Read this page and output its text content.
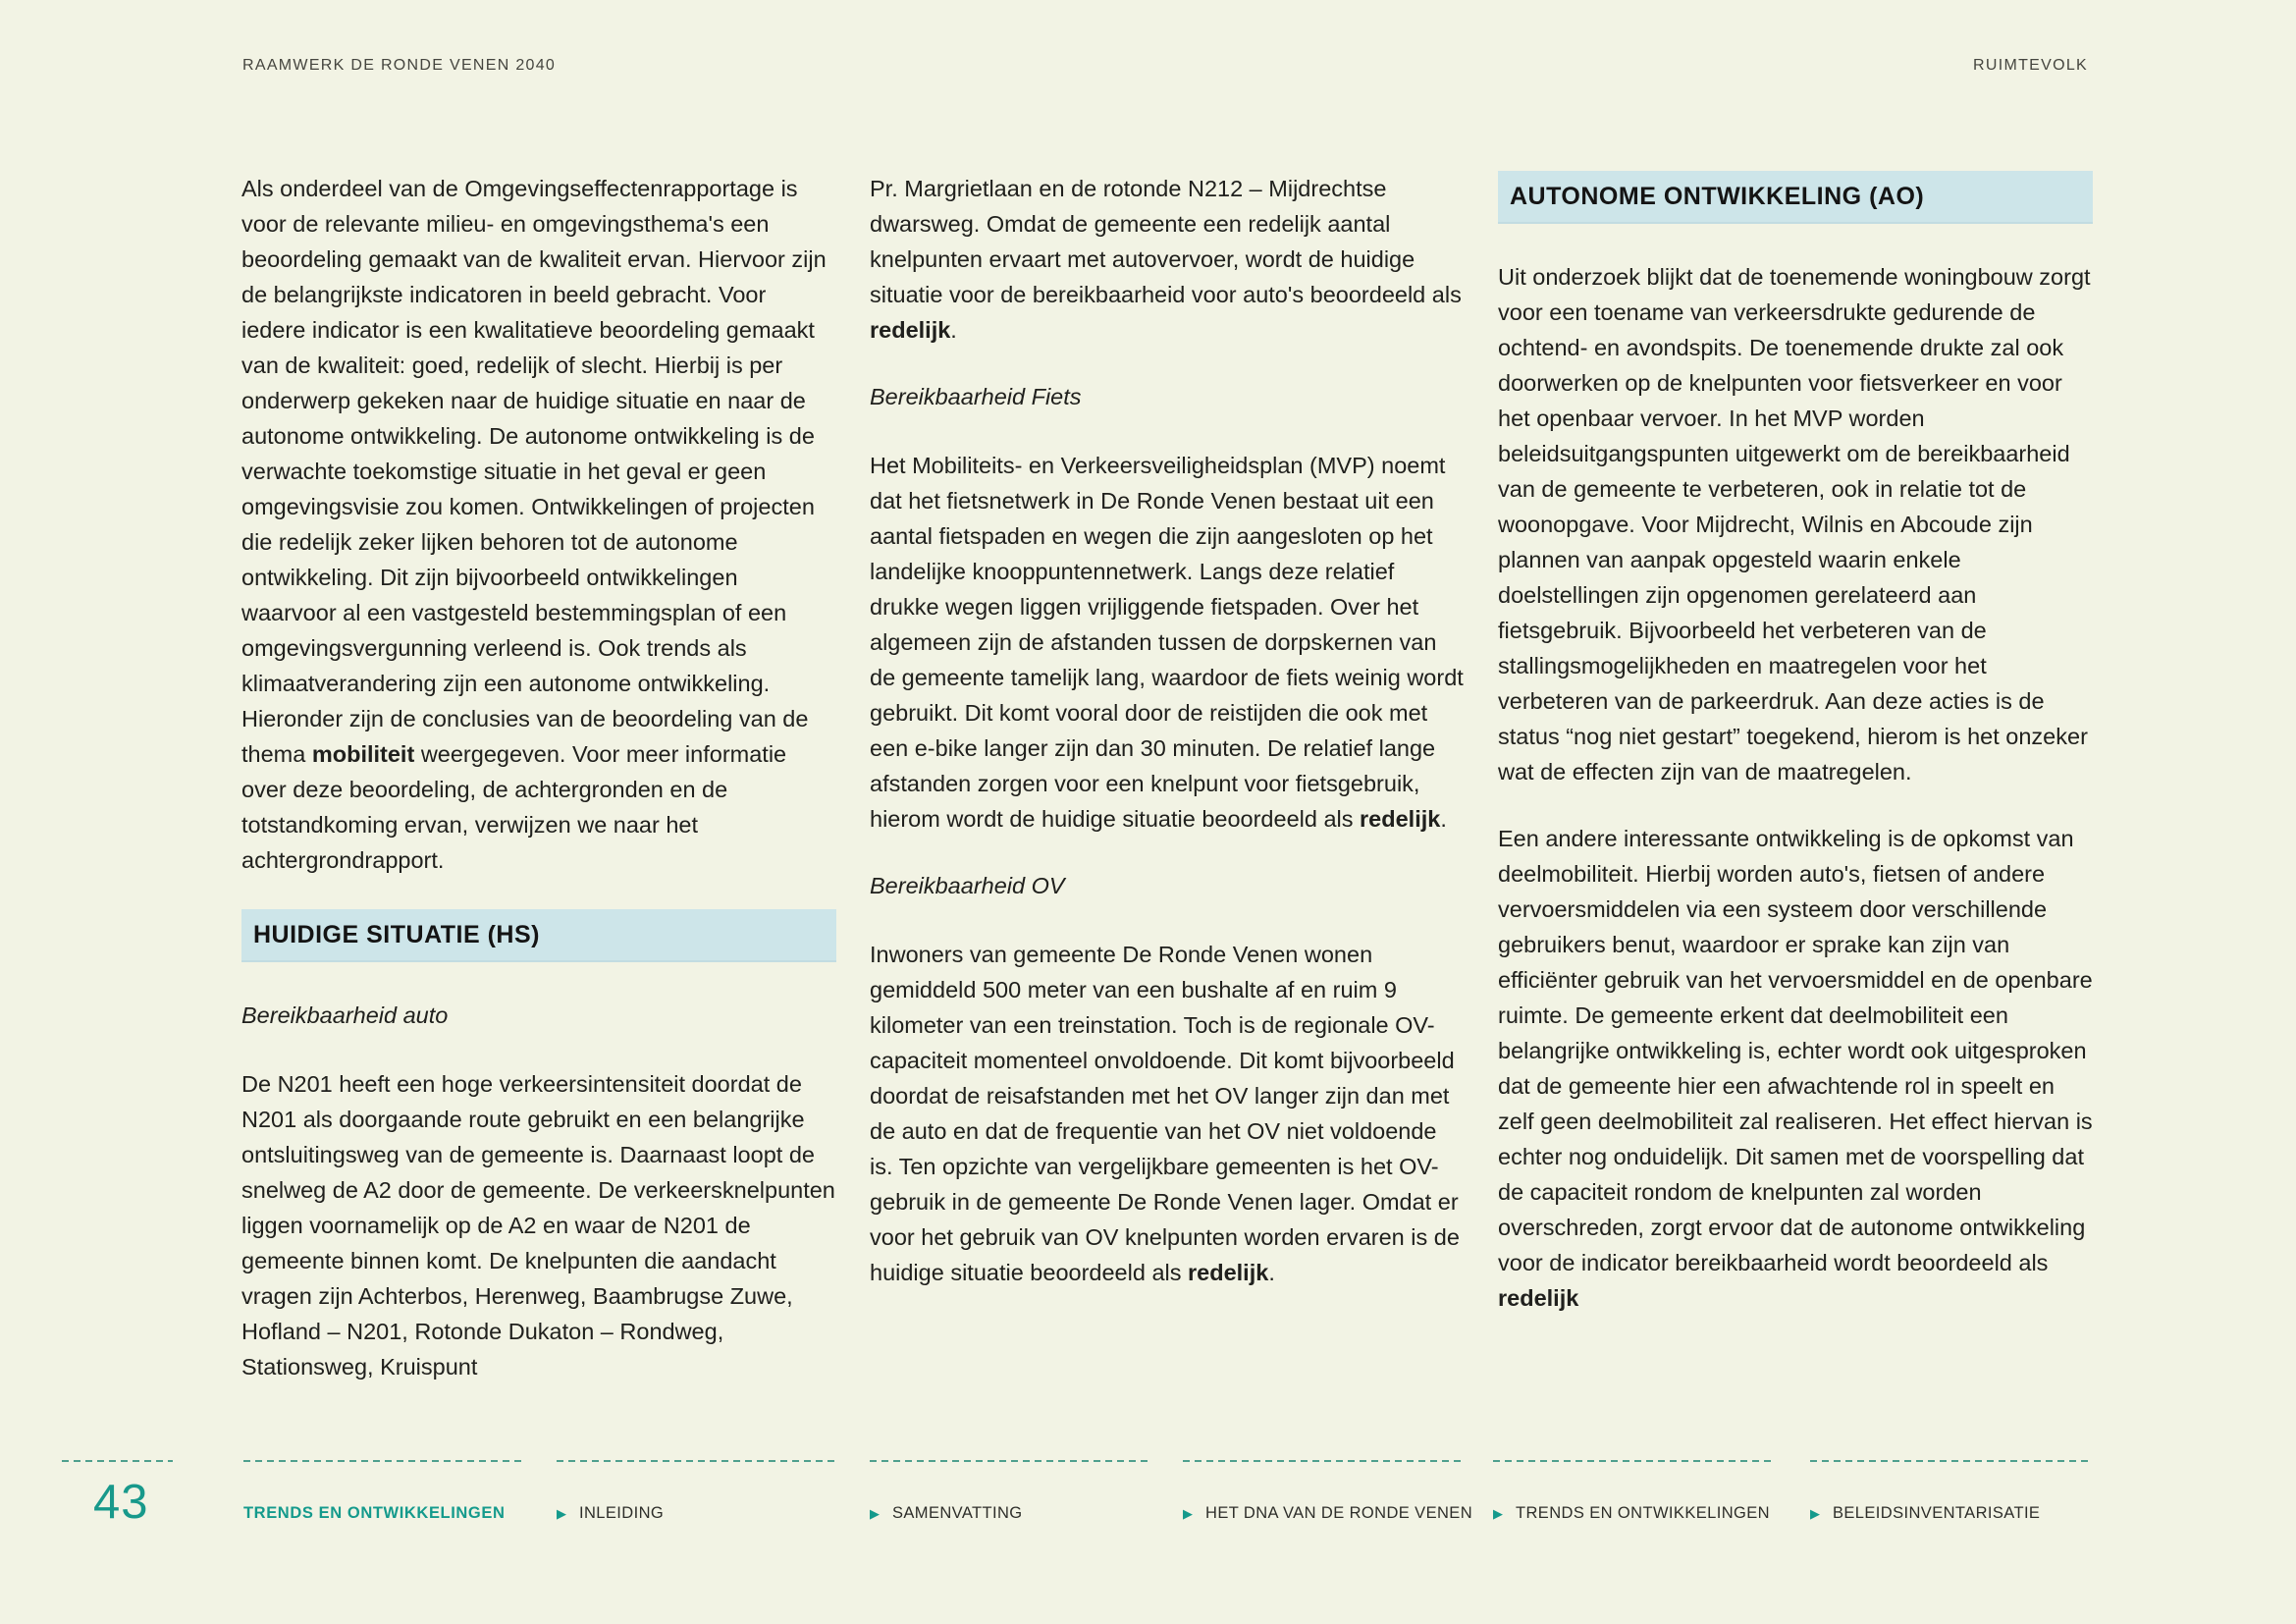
RAAMWERK DE RONDE VENEN 2040	RUIMTEVOLK

Als onderdeel van de Omgevingseffectenrapportage is voor de relevante milieu- en omgevingsthema's een beoordeling gemaakt van de kwaliteit ervan. Hiervoor zijn de belangrijkste indicatoren in beeld gebracht. Voor iedere indicator is een kwalitatieve beoordeling gemaakt van de kwaliteit: goed, redelijk of slecht. Hierbij is per onderwerp gekeken naar de huidige situatie en naar de autonome ontwikkeling. De autonome ontwikkeling is de verwachte toekomstige situatie in het geval er geen omgevingsvisie zou komen. Ontwikkelingen of projecten die redelijk zeker lijken behoren tot de autonome ontwikkeling. Dit zijn bijvoorbeeld ontwikkelingen waarvoor al een vastgesteld bestemmingsplan of een omgevingsvergunning verleend is. Ook trends als klimaatverandering zijn een autonome ontwikkeling. Hieronder zijn de conclusies van de beoordeling van de thema mobiliteit weergegeven. Voor meer informatie over deze beoordeling, de achtergronden en de totstandkoming ervan, verwijzen we naar het achtergrondrapport.

HUIDIGE SITUATIE (HS)
Bereikbaarheid auto

De N201 heeft een hoge verkeersintensiteit doordat de N201 als doorgaande route gebruikt en een belangrijke ontsluitingsweg van de gemeente is. Daarnaast loopt de snelweg de A2 door de gemeente. De verkeersknelpunten liggen voornamelijk op de A2 en waar de N201 de gemeente binnen komt. De knelpunten die aandacht vragen zijn Achterbos, Herenweg, Baambrugse Zuwe, Hofland – N201, Rotonde Dukaton – Rondweg, Stationsweg, Kruispunt

Pr. Margrietlaan en de rotonde N212 – Mijdrechtse dwarsweg. Omdat de gemeente een redelijk aantal knelpunten ervaart met autovervoer, wordt de huidige situatie voor de bereikbaarheid voor auto's beoordeeld als redelijk.

Bereikbaarheid Fiets

Het Mobiliteits- en Verkeersveiligheidsplan (MVP) noemt dat het fietsnetwerk in De Ronde Venen bestaat uit een aantal fietspaden en wegen die zijn aangesloten op het landelijke knooppuntennetwerk. Langs deze relatief drukke wegen liggen vrijliggende fietspaden. Over het algemeen zijn de afstanden tussen de dorpskernen van de gemeente tamelijk lang, waardoor de fiets weinig wordt gebruikt. Dit komt vooral door de reistijden die ook met een e-bike langer zijn dan 30 minuten. De relatief lange afstanden zorgen voor een knelpunt voor fietsgebruik, hierom wordt de huidige situatie beoordeeld als redelijk.

Bereikbaarheid OV

Inwoners van gemeente De Ronde Venen wonen gemiddeld 500 meter van een bushalte af en ruim 9 kilometer van een treinstation. Toch is de regionale OV-capaciteit momenteel onvoldoende. Dit komt bijvoorbeeld doordat de reisafstanden met het OV langer zijn dan met de auto en dat de frequentie van het OV niet voldoende is. Ten opzichte van vergelijkbare gemeenten is het OV-gebruik in de gemeente De Ronde Venen lager. Omdat er voor het gebruik van OV knelpunten worden ervaren is de huidige situatie beoordeeld als redelijk.

AUTONOME ONTWIKKELING (AO)

Uit onderzoek blijkt dat de toenemende woningbouw zorgt voor een toename van verkeersdrukte gedurende de ochtend- en avondspits. De toenemende drukte zal ook doorwerken op de knelpunten voor fietsverkeer en voor het openbaar vervoer. In het MVP worden beleidsuitgangspunten uitgewerkt om de bereikbaarheid van de gemeente te verbeteren, ook in relatie tot de woonopgave. Voor Mijdrecht, Wilnis en Abcoude zijn plannen van aanpak opgesteld waarin enkele doelstellingen zijn opgenomen gerelateerd aan fietsgebruik. Bijvoorbeeld het verbeteren van de stallingsmogelijkheden en maatregelen voor het verbeteren van de parkeerdruk. Aan deze acties is de status “nog niet gestart” toegekend, hierom is het onzeker wat de effecten zijn van de maatregelen.

Een andere interessante ontwikkeling is de opkomst van deelmobiliteit. Hierbij worden auto's, fietsen of andere vervoersmiddelen via een systeem door verschillende gebruikers benut, waardoor er sprake kan zijn van efficiënter gebruik van het vervoersmiddel en de openbare ruimte. De gemeente erkent dat deelmobiliteit een belangrijke ontwikkeling is, echter wordt ook uitgesproken dat de gemeente hier een afwachtende rol in speelt en zelf geen deelmobiliteit zal realiseren. Het effect hiervan is echter nog onduidelijk. Dit samen met de voorspelling dat de capaciteit rondom de knelpunten zal worden overschreden, zorgt ervoor dat de autonome ontwikkeling voor de indicator bereikbaarheid wordt beoordeeld als redelijk

43	TRENDS EN ONTWIKKELINGEN	▶ INLEIDING	▶ SAMENVATTING	▶ HET DNA VAN DE RONDE VENEN ▶ TRENDS EN ONTWIKKELINGEN	▶ BELEIDSINVENTARISATIE
